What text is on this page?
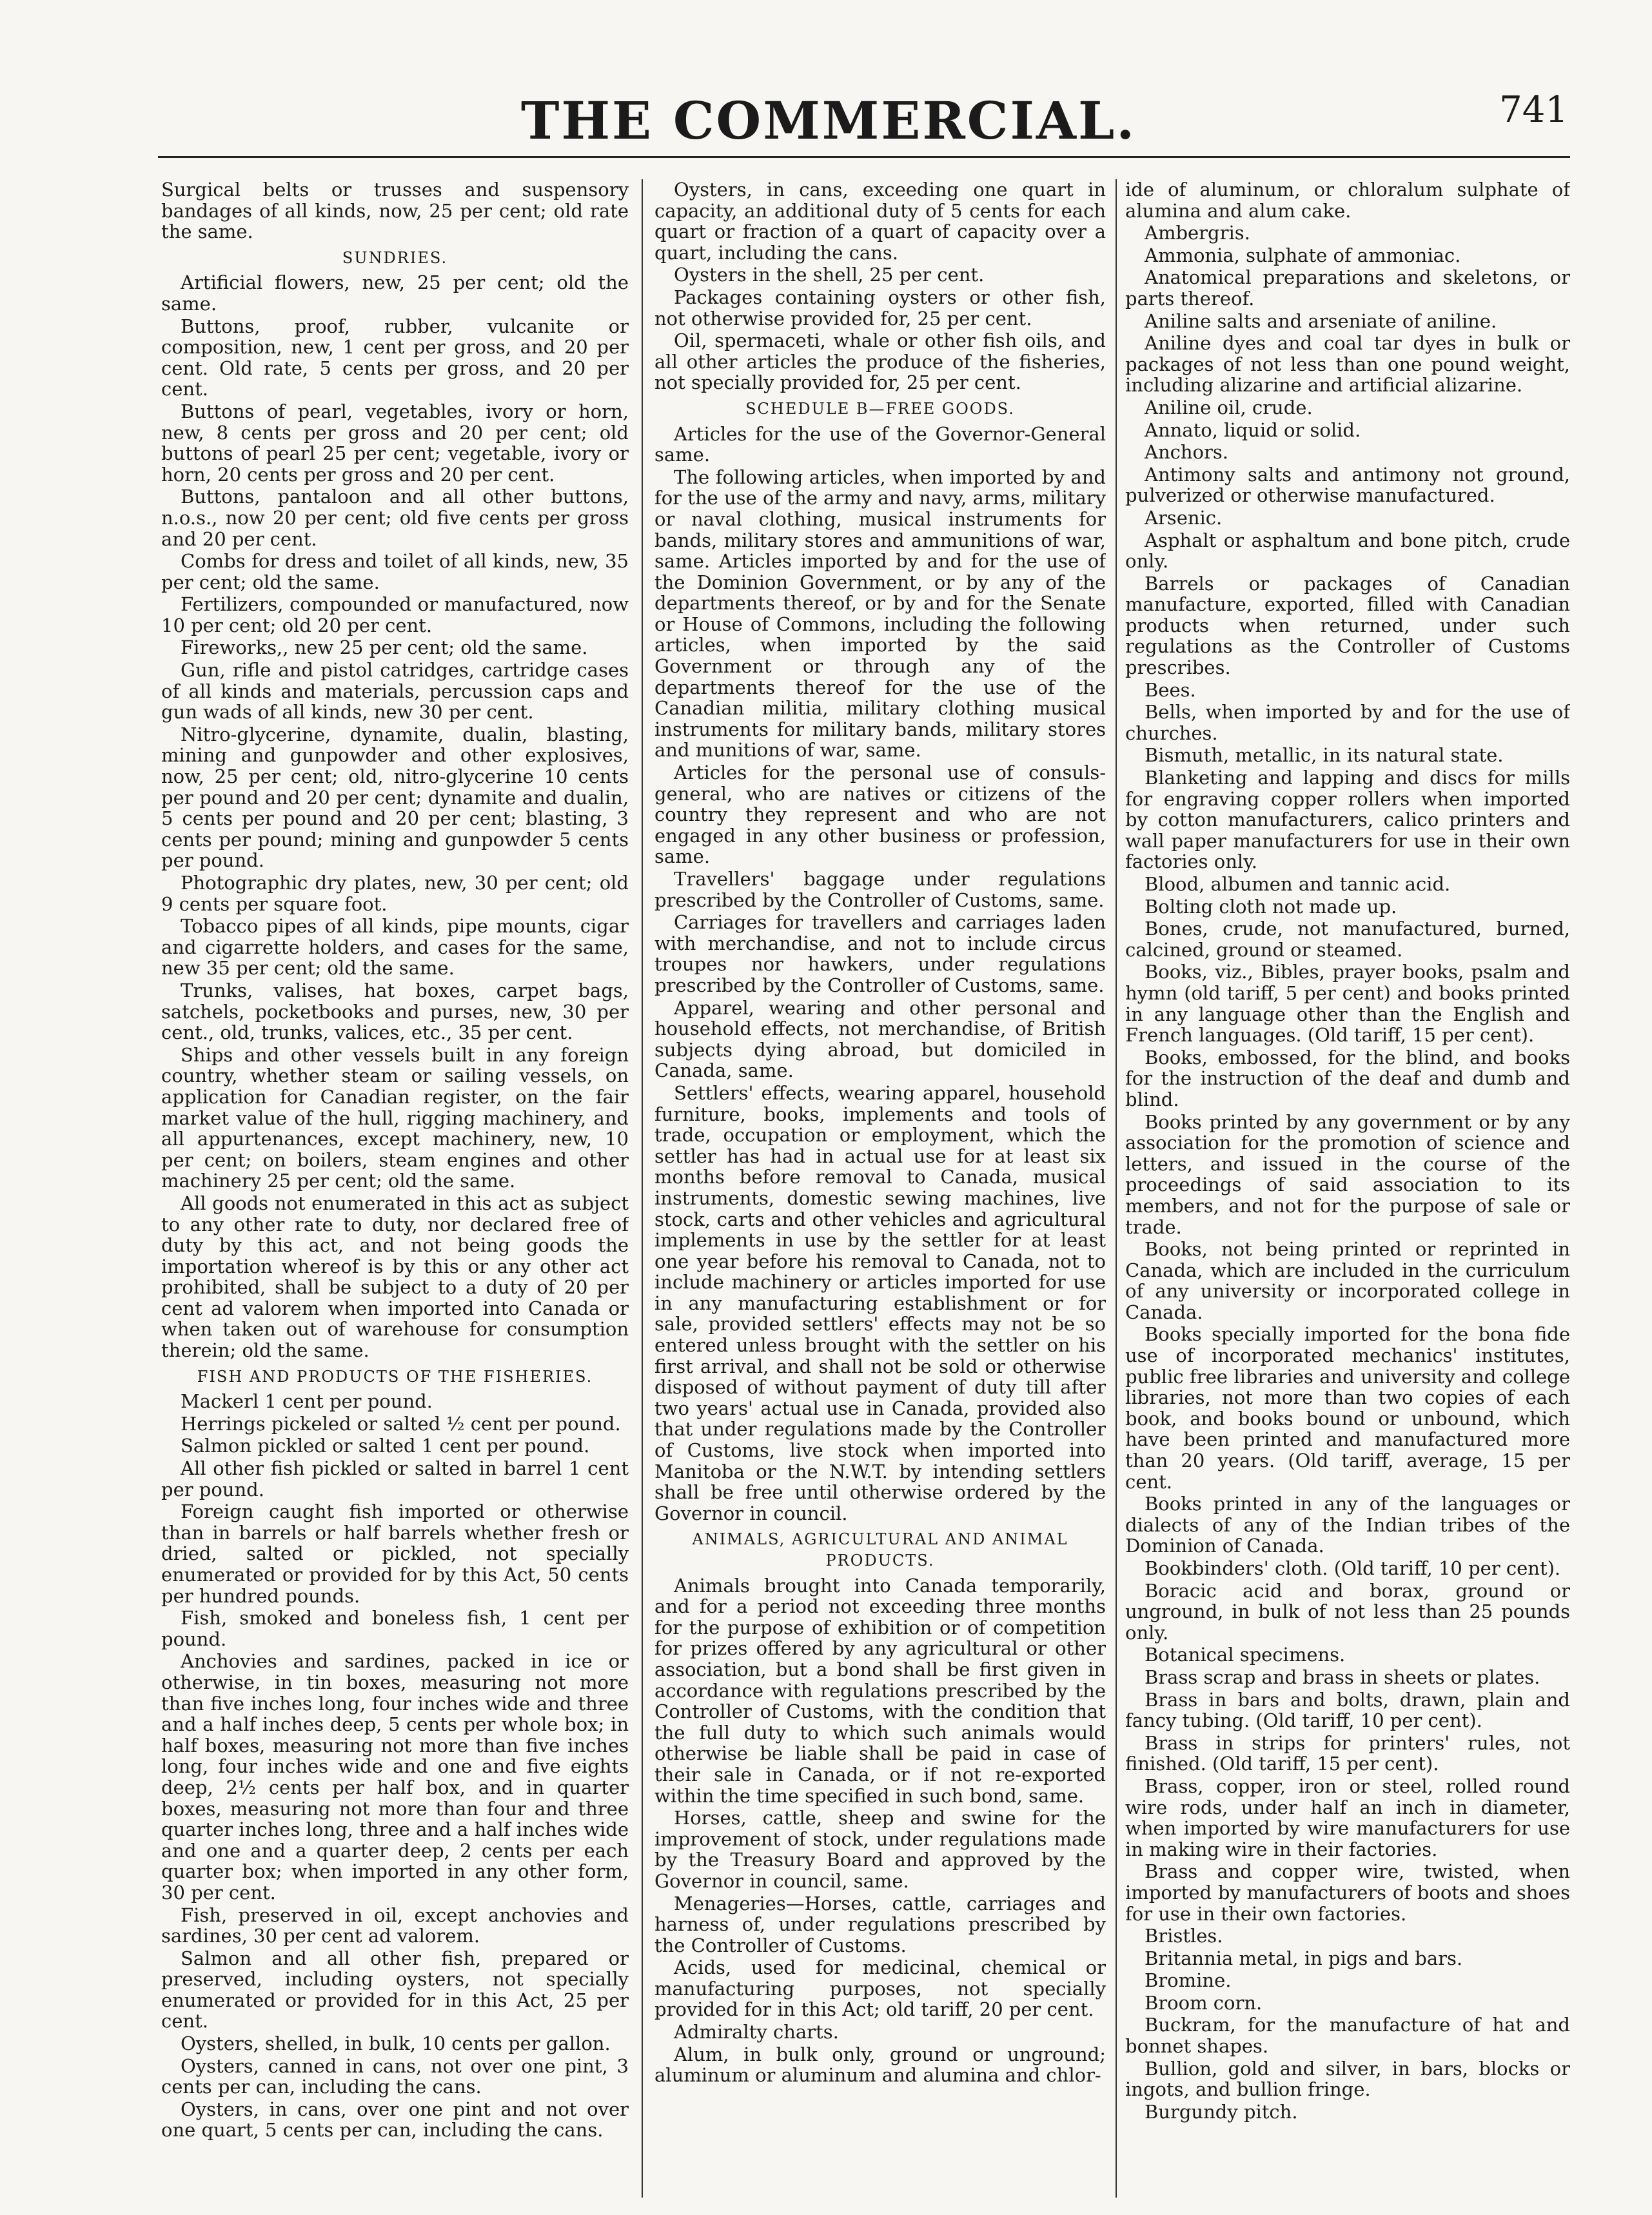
THE COMMERCIAL.	741

Surgical belts or trusses and suspensory bandages of all kinds, now, 25 per cent; old rate the same.

SUNDRIES.

Artificial flowers, new, 25 per cent; old the same.

Buttons, proof, rubber, vulcanite or composition, new, 1 cent per gross, and 20 per cent. Old rate, 5 cents per gross, and 20 per cent.

Buttons of pearl, vegetables, ivory or horn, new, 8 cents per gross and 20 per cent; old buttons of pearl 25 per cent; vegetable, ivory or horn, 20 cents per gross and 20 per cent.

Buttons, pantaloon and all other buttons, n.o.s., now 20 per cent; old five cents per gross and 20 per cent.

Combs for dress and toilet of all kinds, new, 35 per cent; old the same.

Fertilizers, compounded or manufactured, now 10 per cent; old 20 per cent.

Fireworks,, new 25 per cent; old the same.

Gun, rifle and pistol catridges, cartridge cases of all kinds and materials, percussion caps and gun wads of all kinds, new 30 per cent.

Nitro-glycerine, dynamite, dualin, blasting, mining and gunpowder and other explosives, now, 25 per cent; old, nitro-glycerine 10 cents per pound and 20 per cent; dynamite and dualin, 5 cents per pound and 20 per cent; blasting, 3 cents per pound; mining and gunpowder 5 cents per pound.

Photographic dry plates, new, 30 per cent; old 9 cents per square foot.

Tobacco pipes of all kinds, pipe mounts, cigar and cigarrette holders, and cases for the same, new 35 per cent; old the same.

Trunks, valises, hat boxes, carpet bags, satchels, pocketbooks and purses, new, 30 per cent., old, trunks, valices, etc., 35 per cent.

Ships and other vessels built in any foreign country, whether steam or sailing vessels, on application for Canadian register, on the fair market value of the hull, rigging machinery, and all appurtenances, except machinery, new, 10 per cent; on boilers, steam engines and other machinery 25 per cent; old the same.

All goods not enumerated in this act as subject to any other rate to duty, nor declared free of duty by this act, and not being goods the importation whereof is by this or any other act prohibited, shall be subject to a duty of 20 per cent ad valorem when imported into Canada or when taken out of warehouse for consumption therein; old the same.

FISH AND PRODUCTS OF THE FISHERIES.

Mackerl 1 cent per pound.

Herrings pickeled or salted ½ cent per pound.

Salmon pickled or salted 1 cent per pound.

All other fish pickled or salted in barrel 1 cent per pound.

Foreign caught fish imported or otherwise than in barrels or half barrels whether fresh or dried, salted or pickled, not specially enumerated or provided for by this Act, 50 cents per hundred pounds.

Fish, smoked and boneless fish, 1 cent per pound.

Anchovies and sardines, packed in ice or otherwise, in tin boxes, measuring not more than five inches long, four inches wide and three and a half inches deep, 5 cents per whole box; in half boxes, measuring not more than five inches long, four inches wide and one and five eights deep, 2½ cents per half box, and in quarter boxes, measuring not more than four and three quarter inches long, three and a half inches wide and one and a quarter deep, 2 cents per each quarter box; when imported in any other form, 30 per cent.

Fish, preserved in oil, except anchovies and sardines, 30 per cent ad valorem.

Salmon and all other fish, prepared or preserved, including oysters, not specially enumerated or provided for in this Act, 25 per cent.

Oysters, shelled, in bulk, 10 cents per gallon.

Oysters, canned in cans, not over one pint, 3 cents per can, including the cans.

Oysters, in cans, over one pint and not over one quart, 5 cents per can, including the cans.

Oysters, in cans, exceeding one quart in capacity, an additional duty of 5 cents for each quart or fraction of a quart of capacity over a quart, including the cans.

Oysters in the shell, 25 per cent.

Packages containing oysters or other fish, not otherwise provided for, 25 per cent.

Oil, spermaceti, whale or other fish oils, and all other articles the produce of the fisheries, not specially provided for, 25 per cent.

SCHEDULE B—FREE GOODS.

Articles for the use of the Governor-General same.

The following articles, when imported by and for the use of the army and navy, arms, military or naval clothing, musical instruments for bands, military stores and ammunitions of war, same. Articles imported by and for the use of the Dominion Government, or by any of the departments thereof, or by and for the Senate or House of Commons, including the following articles, when imported by the said Government or through any of the departments thereof for the use of the Canadian militia, military clothing musical instruments for military bands, military stores and munitions of war, same.

Articles for the personal use of consuls-general, who are natives or citizens of the country they represent and who are not engaged in any other business or profession, same.

Travellers' baggage under regulations prescribed by the Controller of Customs, same.

Carriages for travellers and carriages laden with merchandise, and not to include circus troupes nor hawkers, under regulations prescribed by the Controller of Customs, same.

Apparel, wearing and other personal and household effects, not merchandise, of British subjects dying abroad, but domiciled in Canada, same.

Settlers' effects, wearing apparel, household furniture, books, implements and tools of trade, occupation or employment, which the settler has had in actual use for at least six months before removal to Canada, musical instruments, domestic sewing machines, live stock, carts and other vehicles and agricultural implements in use by the settler for at least one year before his removal to Canada, not to include machinery or articles imported for use in any manufacturing establishment or for sale, provided settlers' effects may not be so entered unless brought with the settler on his first arrival, and shall not be sold or otherwise disposed of without payment of duty till after two years' actual use in Canada, provided also that under regulations made by the Controller of Customs, live stock when imported into Manitoba or the N.W.T. by intending settlers shall be free until otherwise ordered by the Governor in council.

ANIMALS, AGRICULTURAL AND ANIMAL PRODUCTS.

Animals brought into Canada temporarily, and for a period not exceeding three months for the purpose of exhibition or of competition for prizes offered by any agricultural or other association, but a bond shall be first given in accordance with regulations prescribed by the Controller of Customs, with the condition that the full duty to which such animals would otherwise be liable shall be paid in case of their sale in Canada, or if not re-exported within the time specified in such bond, same.

Horses, cattle, sheep and swine for the improvement of stock, under regulations made by the Treasury Board and approved by the Governor in council, same.

Menageries—Horses, cattle, carriages and harness of, under regulations prescribed by the Controller of Customs.

Acids, used for medicinal, chemical or manufacturing purposes, not specially provided for in this Act; old tariff, 20 per cent.

Admiralty charts.

Alum, in bulk only, ground or unground; aluminum or aluminum and alumina and chlor-

ide of aluminum, or chloralum sulphate of alumina and alum cake.

Ambergris.

Ammonia, sulphate of ammoniac.

Anatomical preparations and skeletons, or parts thereof.

Aniline salts and arseniate of aniline.

Aniline dyes and coal tar dyes in bulk or packages of not less than one pound weight, including alizarine and artificial alizarine.

Aniline oil, crude.

Annato, liquid or solid.

Anchors.

Antimony salts and antimony not ground, pulverized or otherwise manufactured.

Arsenic.

Asphalt or asphaltum and bone pitch, crude only.

Barrels or packages of Canadian manufacture, exported, filled with Canadian products when returned, under such regulations as the Controller of Customs prescribes.

Bees.

Bells, when imported by and for the use of churches.

Bismuth, metallic, in its natural state.

Blanketing and lapping and discs for mills for engraving copper rollers when imported by cotton manufacturers, calico printers and wall paper manufacturers for use in their own factories only.

Blood, albumen and tannic acid.

Bolting cloth not made up.

Bones, crude, not manufactured, burned, calcined, ground or steamed.

Books, viz., Bibles, prayer books, psalm and hymn (old tariff, 5 per cent) and books printed in any language other than the English and French languages. (Old tariff, 15 per cent).

Books, embossed, for the blind, and books for the instruction of the deaf and dumb and blind.

Books printed by any government or by any association for the promotion of science and letters, and issued in the course of the proceedings of said association to its members, and not for the purpose of sale or trade.

Books, not being printed or reprinted in Canada, which are included in the curriculum of any university or incorporated college in Canada.

Books specially imported for the bona fide use of incorporated mechanics' institutes, public free libraries and university and college libraries, not more than two copies of each book, and books bound or unbound, which have been printed and manufactured more than 20 years. (Old tariff, average, 15 per cent.

Books printed in any of the languages or dialects of any of the Indian tribes of the Dominion of Canada.

Bookbinders' cloth. (Old tariff, 10 per cent).

Boracic acid and borax, ground or unground, in bulk of not less than 25 pounds only.

Botanical specimens.

Brass scrap and brass in sheets or plates.

Brass in bars and bolts, drawn, plain and fancy tubing. (Old tariff, 10 per cent).

Brass in strips for printers' rules, not finished. (Old tariff, 15 per cent).

Brass, copper, iron or steel, rolled round wire rods, under half an inch in diameter, when imported by wire manufacturers for use in making wire in their factories.

Brass and copper wire, twisted, when imported by manufacturers of boots and shoes for use in their own factories.

Bristles.

Britannia metal, in pigs and bars.

Bromine.

Broom corn.

Buckram, for the manufacture of hat and bonnet shapes.

Bullion, gold and silver, in bars, blocks or ingots, and bullion fringe.

Burgundy pitch.
